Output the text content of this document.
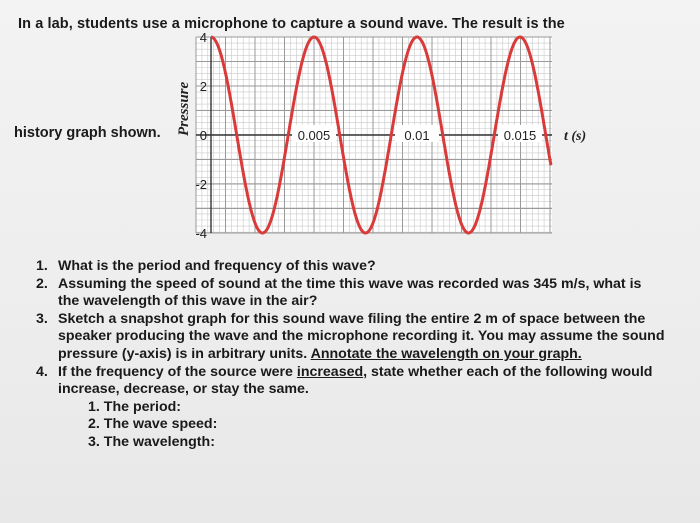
In a lab, students use a microphone to capture a sound wave. The result is the
history graph shown.
4
2
0
-2
-4
0.005	0.01	0.015 t (s)
Pressure
1. What is the period and frequency of this wave?
2. Assuming the speed of sound at the time this wave was recorded was 345 m/s, what is the wavelength of this wave in the air?
3. Sketch a snapshot graph for this sound wave filing the entire 2 m of space between the speaker producing the wave and the microphone recording it. You may assume the sound pressure (y-axis) is in arbitrary units. Annotate the wavelength on your graph.
4. If the frequency of the source were increased, state whether each of the following would increase, decrease, or stay the same.
1. The period:
2. The wave speed:
3. The wavelength:
